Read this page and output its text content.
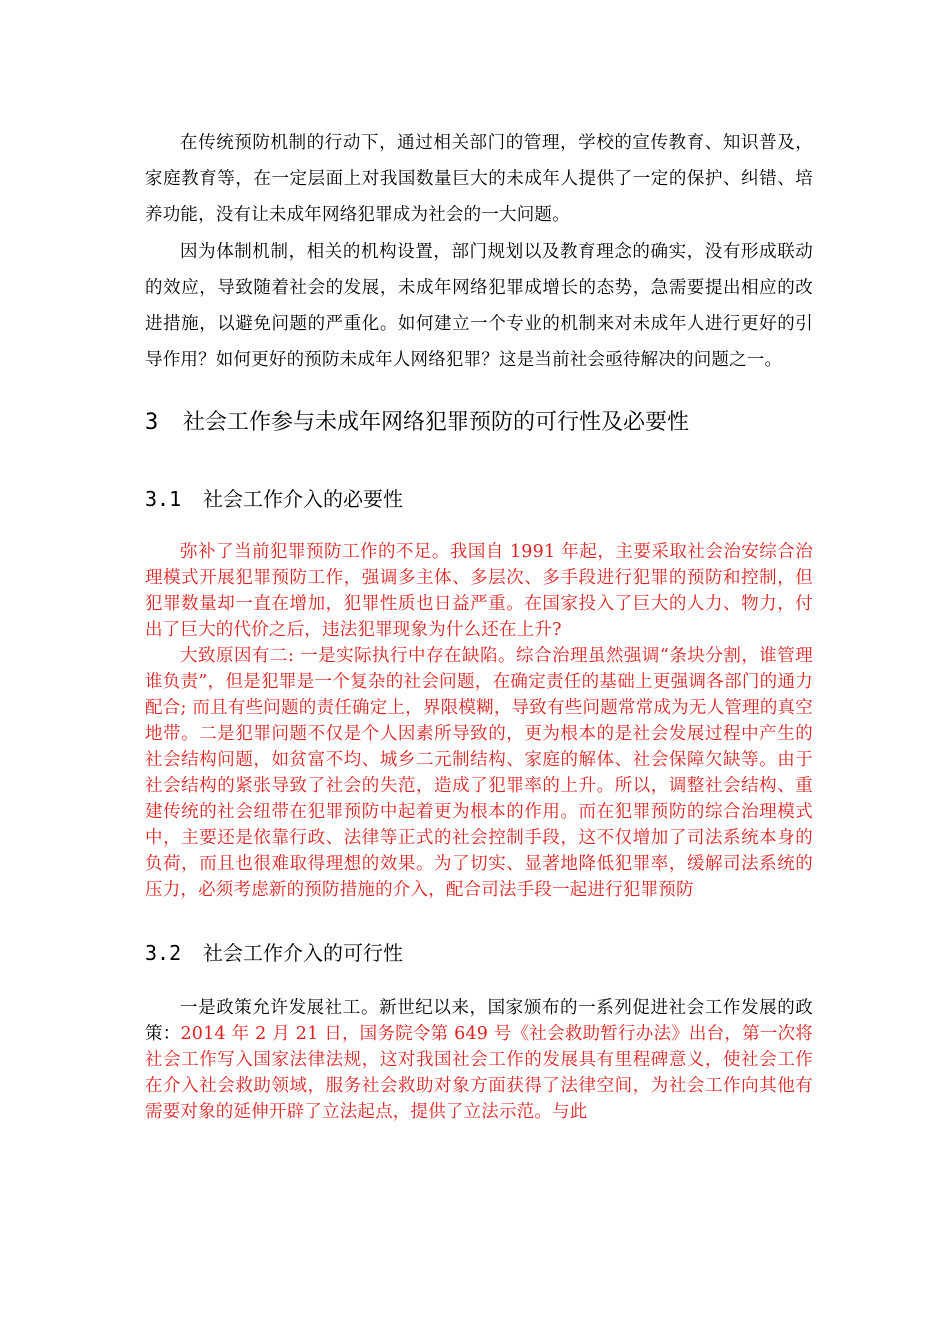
在传统预防机制的行动下，通过相关部门的管理，学校的宣传教育、知识普及，家庭教育等，在一定层面上对我国数量巨大的未成年人提供了一定的保护、纠错、培养功能，没有让未成年网络犯罪成为社会的一大问题。

因为体制机制，相关的机构设置，部门规划以及教育理念的确实，没有形成联动的效应，导致随着社会的发展，未成年网络犯罪成增长的态势，急需要提出相应的改进措施，以避免问题的严重化。如何建立一个专业的机制来对未成年人进行更好的引导作用？如何更好的预防未成年人网络犯罪？这是当前社会亟待解决的问题之一。

3 社会工作参与未成年网络犯罪预防的可行性及必要性
3.1 社会工作介入的必要性

弥补了当前犯罪预防工作的不足。我国自 1991 年起，主要采取社会治安综合治理模式开展犯罪预防工作，强调多主体、多层次、多手段进行犯罪的预防和控制，但犯罪数量却一直在增加，犯罪性质也日益严重。在国家投入了巨大的人力、物力，付出了巨大的代价之后，违法犯罪现象为什么还在上升?

大致原因有二: 一是实际执行中存在缺陷。综合治理虽然强调“条块分割，谁管理谁负责”，但是犯罪是一个复杂的社会问题，在确定责任的基础上更强调各部门的通力配合; 而且有些问题的责任确定上，界限模糊，导致有些问题常常成为无人管理的真空地带。二是犯罪问题不仅是个人因素所导致的，更为根本的是社会发展过程中产生的社会结构问题，如贫富不均、城乡二元制结构、家庭的解体、社会保障欠缺等。由于社会结构的紧张导致了社会的失范，造成了犯罪率的上升。所以，调整社会结构、重建传统的社会纽带在犯罪预防中起着更为根本的作用。而在犯罪预防的综合治理模式中，主要还是依靠行政、法律等正式的社会控制手段，这不仅增加了司法系统本身的负荷，而且也很难取得理想的效果。为了切实、显著地降低犯罪率，缓解司法系统的压力，必须考虑新的预防措施的介入，配合司法手段一起进行犯罪预防

3.2 社会工作介入的可行性

一是政策允许发展社工。新世纪以来，国家颁布的一系列促进社会工作发展的政策：2014 年 2 月 21 日，国务院令第 649 号《社会救助暂行办法》出台，第一次将社会工作写入国家法律法规，这对我国社会工作的发展具有里程碑意义，使社会工作在介入社会救助领域，服务社会救助对象方面获得了法律空间，为社会工作向其他有需要对象的延伸开辟了立法起点，提供了立法示范。与此
